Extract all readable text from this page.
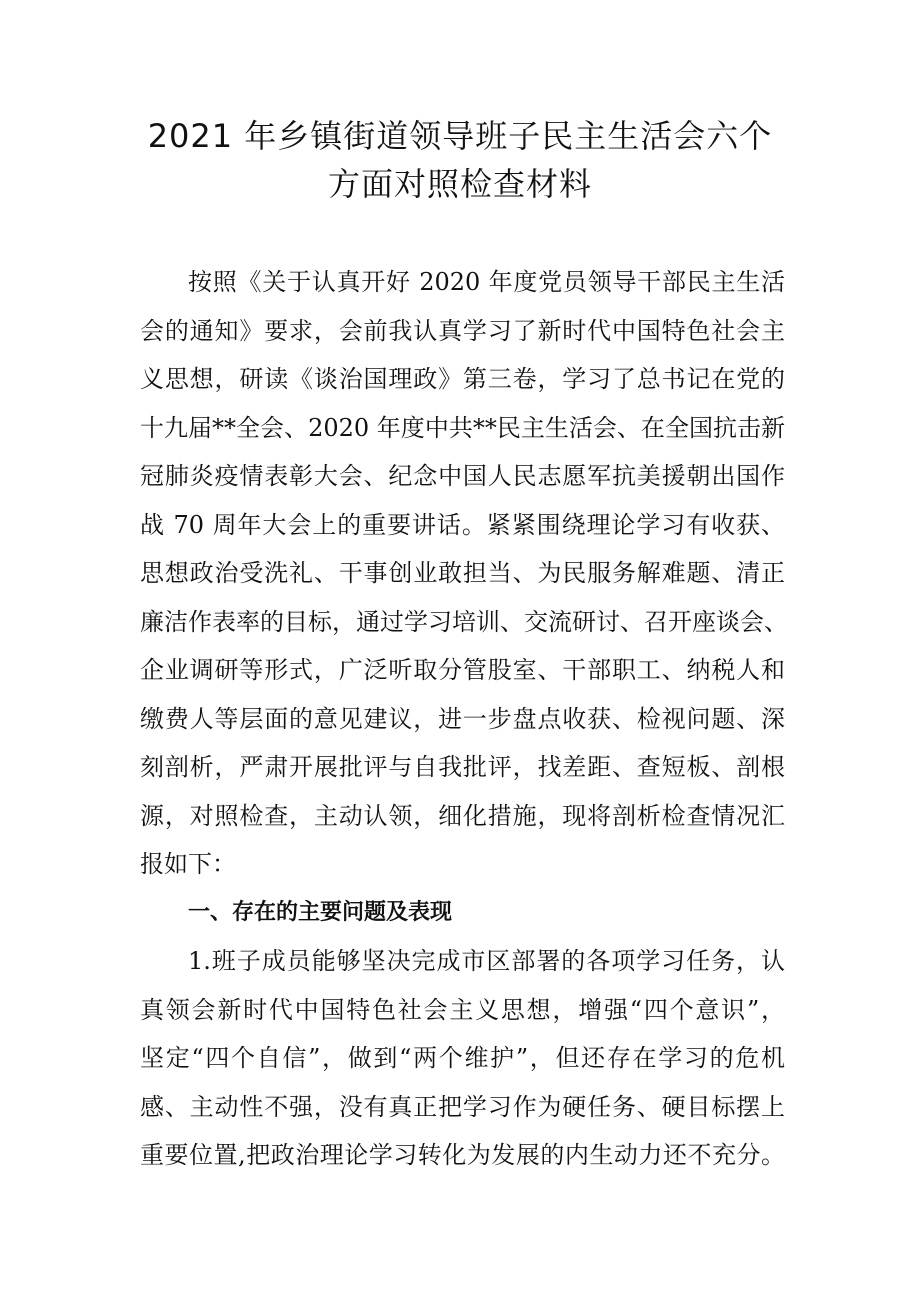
2021 年乡镇街道领导班子民主生活会六个
方面对照检查材料
按照《关于认真开好 2020 年度党员领导干部民主生活
会的通知》要求，会前我认真学习了新时代中国特色社会主
义思想，研读《谈治国理政》第三卷，学习了总书记在党的
十九届**全会、2020 年度中共**民主生活会、在全国抗击新
冠肺炎疫情表彰大会、纪念中国人民志愿军抗美援朝出国作
战 70 周年大会上的重要讲话。紧紧围绕理论学习有收获、
思想政治受洗礼、干事创业敢担当、为民服务解难题、清正
廉洁作表率的目标，通过学习培训、交流研讨、召开座谈会、
企业调研等形式，广泛听取分管股室、干部职工、纳税人和
缴费人等层面的意见建议，进一步盘点收获、检视问题、深
刻剖析，严肃开展批评与自我批评，找差距、查短板、剖根
源，对照检查，主动认领，细化措施，现将剖析检查情况汇
报如下：
一、存在的主要问题及表现
1.班子成员能够坚决完成市区部署的各项学习任务，认
真领会新时代中国特色社会主义思想，增强“四个意识”，
坚定“四个自信”，做到“两个维护”，但还存在学习的危机
感、主动性不强，没有真正把学习作为硬任务、硬目标摆上
重要位置,把政治理论学习转化为发展的内生动力还不充分。
